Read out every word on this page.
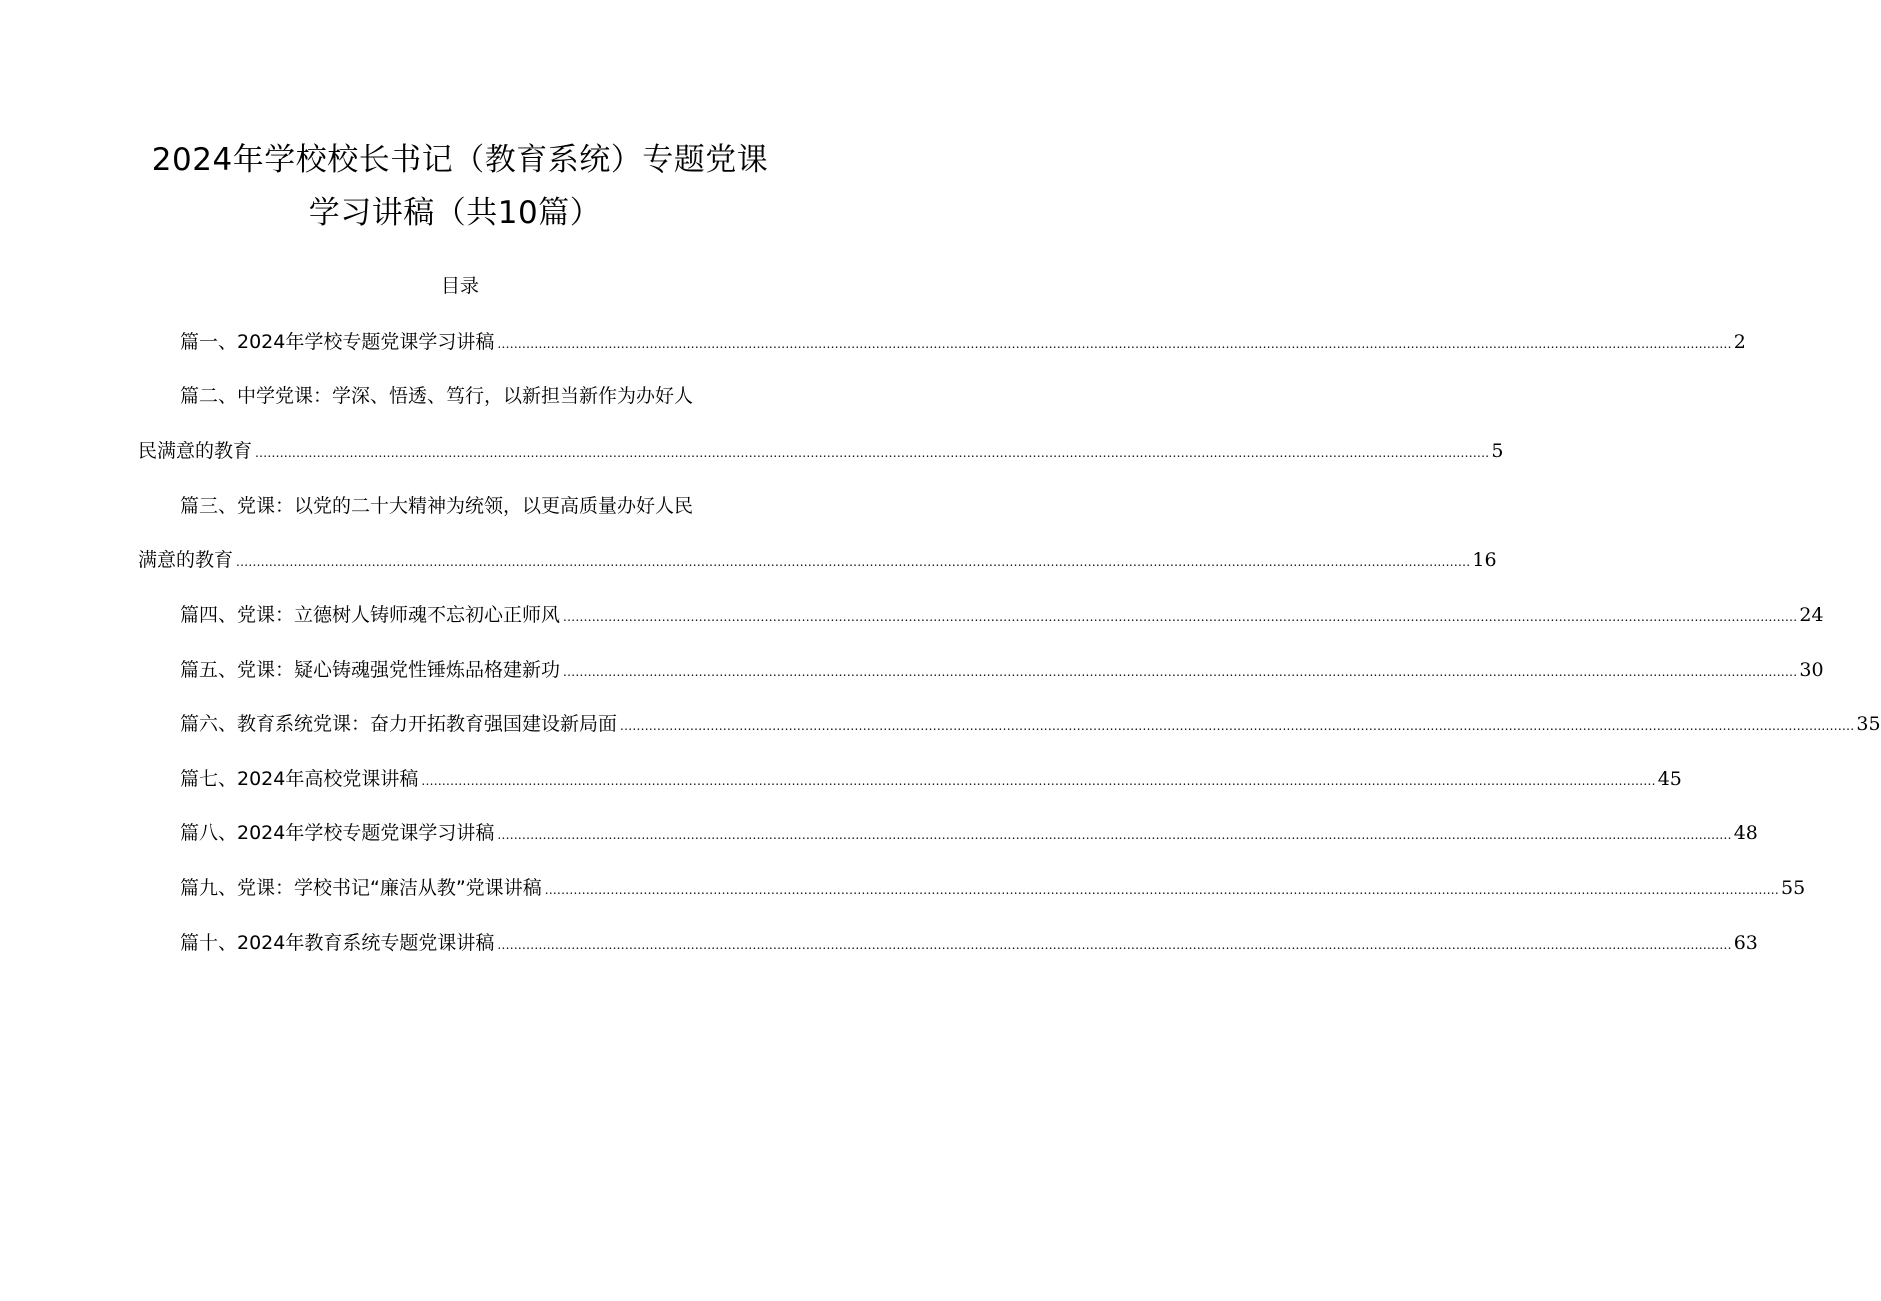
2024年学校校长书记（教育系统）专题党课
学习讲稿（共10篇）
目录
篇一、2024年学校专题党课学习讲稿 ............................................................................................................................................................................................................................................................................................................ 2
篇二、中学党课：学深、悟透、笃行，以新担当新作为办好人
民满意的教育 ............................................................................................................................................................................................................................................................................................................ 5
篇三、党课：以党的二十大精神为统领，以更高质量办好人民
满意的教育 ............................................................................................................................................................................................................................................................................................................ 16
篇四、党课：立德树人铸师魂不忘初心正师风 ............................................................................................................................................................................................................................................................................................................ 24
篇五、党课：疑心铸魂强党性锤炼品格建新功 ............................................................................................................................................................................................................................................................................................................ 30
篇六、教育系统党课：奋力开拓教育强国建设新局面 ............................................................................................................................................................................................................................................................................................................ 35
篇七、2024年高校党课讲稿 ............................................................................................................................................................................................................................................................................................................ 45
篇八、2024年学校专题党课学习讲稿 ............................................................................................................................................................................................................................................................................................................ 48
篇九、党课：学校书记“廉洁从教”党课讲稿 ............................................................................................................................................................................................................................................................................................................ 55
篇十、2024年教育系统专题党课讲稿 ............................................................................................................................................................................................................................................................................................................ 63
